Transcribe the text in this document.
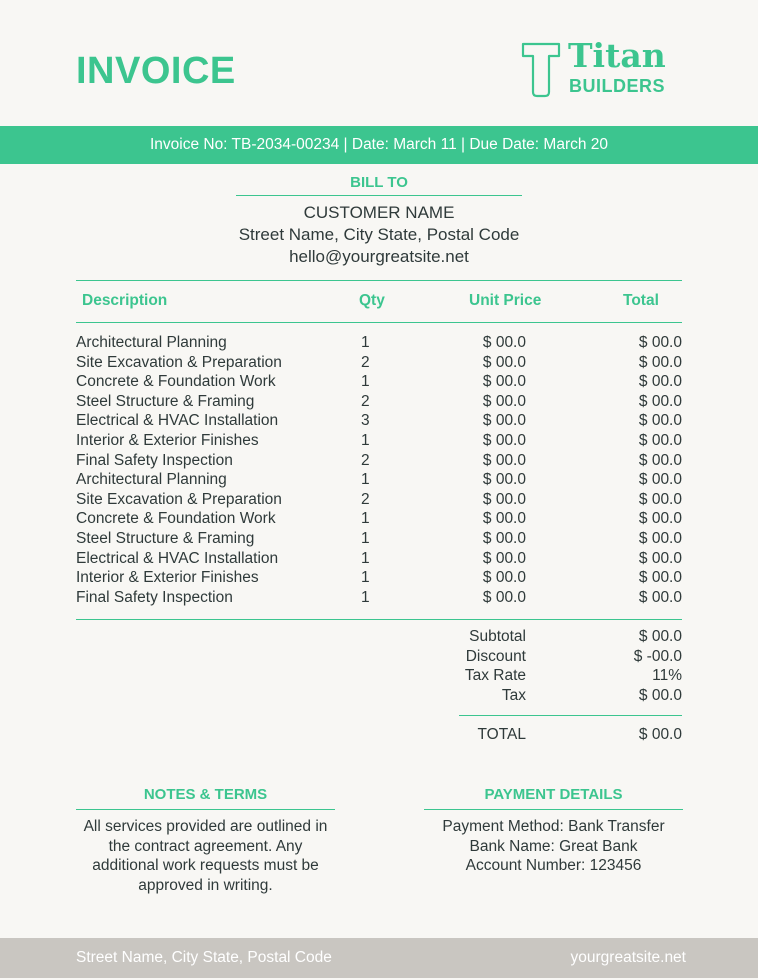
INVOICE	Titan
BUILDERS
Invoice No: TB-2034-00234 | Date: March 11 | Due Date: March 20
BILL TO
CUSTOMER NAME
Street Name, City State, Postal Code
hello@yourgreatsite.net
Description	Qty	Unit Price	Total
Architectural Planning	1	$ 00.0	$ 00.0
Site Excavation & Preparation	2	$ 00.0	$ 00.0
Concrete & Foundation Work	1	$ 00.0	$ 00.0
Steel Structure & Framing	2	$ 00.0	$ 00.0
Electrical & HVAC Installation	3	$ 00.0	$ 00.0
Interior & Exterior Finishes	1	$ 00.0	$ 00.0
Final Safety Inspection	2	$ 00.0	$ 00.0
Architectural Planning	1	$ 00.0	$ 00.0
Site Excavation & Preparation	2	$ 00.0	$ 00.0
Concrete & Foundation Work	1	$ 00.0	$ 00.0
Steel Structure & Framing	1	$ 00.0	$ 00.0
Electrical & HVAC Installation	1	$ 00.0	$ 00.0
Interior & Exterior Finishes	1	$ 00.0	$ 00.0
Final Safety Inspection	1	$ 00.0	$ 00.0
Subtotal	$ 00.0
Discount	$ -00.0
Tax Rate	11%
Tax	$ 00.0
TOTAL	$ 00.0
NOTES & TERMS
All services provided are outlined in
the contract agreement. Any
additional work requests must be
approved in writing.
PAYMENT DETAILS
Payment Method: Bank Transfer
Bank Name: Great Bank
Account Number: 123456
Street Name, City State, Postal Code	yourgreatsite.net
